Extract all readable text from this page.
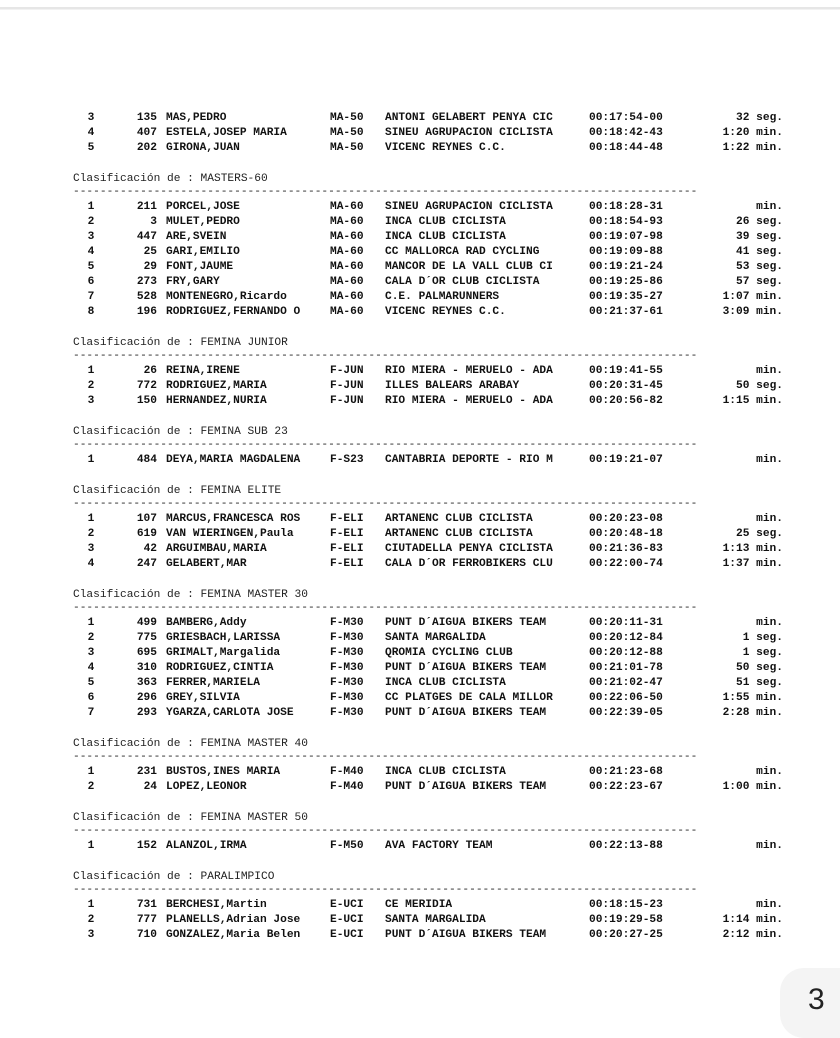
3	135 MAS,PEDRO	MA-50 ANTONI GELABERT PENYA CIC	00:17:54-00	32 seg.
4	407 ESTELA,JOSEP MARIA	MA-50 SINEU AGRUPACION CICLISTA	00:18:42-43	1:20 min.
5	202 GIRONA,JUAN	MA-50 VICENC REYNES C.C.	00:18:44-48	1:22 min.
Clasificación de : MASTERS-60
---------------------------------------------------------------------------------------------
1	211 PORCEL,JOSE	MA-60 SINEU AGRUPACION CICLISTA	00:18:28-31	min.
2	3 MULET,PEDRO	MA-60 INCA CLUB CICLISTA	00:18:54-93	26 seg.
3	447 ARE,SVEIN	MA-60 INCA CLUB CICLISTA	00:19:07-98	39 seg.
4	25 GARI,EMILIO	MA-60 CC MALLORCA RAD CYCLING	00:19:09-88	41 seg.
5	29 FONT,JAUME	MA-60 MANCOR DE LA VALL CLUB CI	00:19:21-24	53 seg.
6	273 FRY,GARY	MA-60 CALA D´OR CLUB CICLISTA	00:19:25-86	57 seg.
7	528 MONTENEGRO,Ricardo	MA-60 C.E. PALMARUNNERS	00:19:35-27	1:07 min.
8	196 RODRIGUEZ,FERNANDO O	MA-60 VICENC REYNES C.C.	00:21:37-61	3:09 min.
Clasificación de : FEMINA JUNIOR
---------------------------------------------------------------------------------------------
1	26 REINA,IRENE	F-JUN RIO MIERA - MERUELO - ADA	00:19:41-55	min.
2	772 RODRIGUEZ,MARIA	F-JUN ILLES BALEARS ARABAY	00:20:31-45	50 seg.
3	150 HERNANDEZ,NURIA	F-JUN RIO MIERA - MERUELO - ADA	00:20:56-82	1:15 min.
Clasificación de : FEMINA SUB 23
---------------------------------------------------------------------------------------------
1	484 DEYA,MARIA MAGDALENA	F-S23 CANTABRIA DEPORTE - RIO M	00:19:21-07	min.
Clasificación de : FEMINA ELITE
---------------------------------------------------------------------------------------------
1	107 MARCUS,FRANCESCA ROS	F-ELI ARTANENC CLUB CICLISTA	00:20:23-08	min.
2	619 VAN WIERINGEN,Paula	F-ELI ARTANENC CLUB CICLISTA	00:20:48-18	25 seg.
3	42 ARGUIMBAU,MARIA	F-ELI CIUTADELLA PENYA CICLISTA	00:21:36-83	1:13 min.
4	247 GELABERT,MAR	F-ELI CALA D´OR FERROBIKERS CLU	00:22:00-74	1:37 min.
Clasificación de : FEMINA MASTER 30
---------------------------------------------------------------------------------------------
1	499 BAMBERG,Addy	F-M30 PUNT D´AIGUA BIKERS TEAM	00:20:11-31	min.
2	775 GRIESBACH,LARISSA	F-M30 SANTA MARGALIDA	00:20:12-84	1 seg.
3	695 GRIMALT,Margalida	F-M30 QROMIA CYCLING CLUB	00:20:12-88	1 seg.
4	310 RODRIGUEZ,CINTIA	F-M30 PUNT D´AIGUA BIKERS TEAM	00:21:01-78	50 seg.
5	363 FERRER,MARIELA	F-M30 INCA CLUB CICLISTA	00:21:02-47	51 seg.
6	296 GREY,SILVIA	F-M30 CC PLATGES DE CALA MILLOR	00:22:06-50	1:55 min.
7	293 YGARZA,CARLOTA JOSE	F-M30 PUNT D´AIGUA BIKERS TEAM	00:22:39-05	2:28 min.
Clasificación de : FEMINA MASTER 40
---------------------------------------------------------------------------------------------
1	231 BUSTOS,INES MARIA	F-M40 INCA CLUB CICLISTA	00:21:23-68	min.
2	24 LOPEZ,LEONOR	F-M40 PUNT D´AIGUA BIKERS TEAM	00:22:23-67	1:00 min.
Clasificación de : FEMINA MASTER 50
---------------------------------------------------------------------------------------------
1	152 ALANZOL,IRMA	F-M50 AVA FACTORY TEAM	00:22:13-88	min.
Clasificación de : PARALIMPICO
---------------------------------------------------------------------------------------------
1	731 BERCHESI,Martin	E-UCI CE MERIDIA	00:18:15-23	min.
2	777 PLANELLS,Adrian Jose	E-UCI SANTA MARGALIDA	00:19:29-58	1:14 min.
3	710 GONZALEZ,Maria Belen	E-UCI PUNT D´AIGUA BIKERS TEAM	00:20:27-25	2:12 min.
3
